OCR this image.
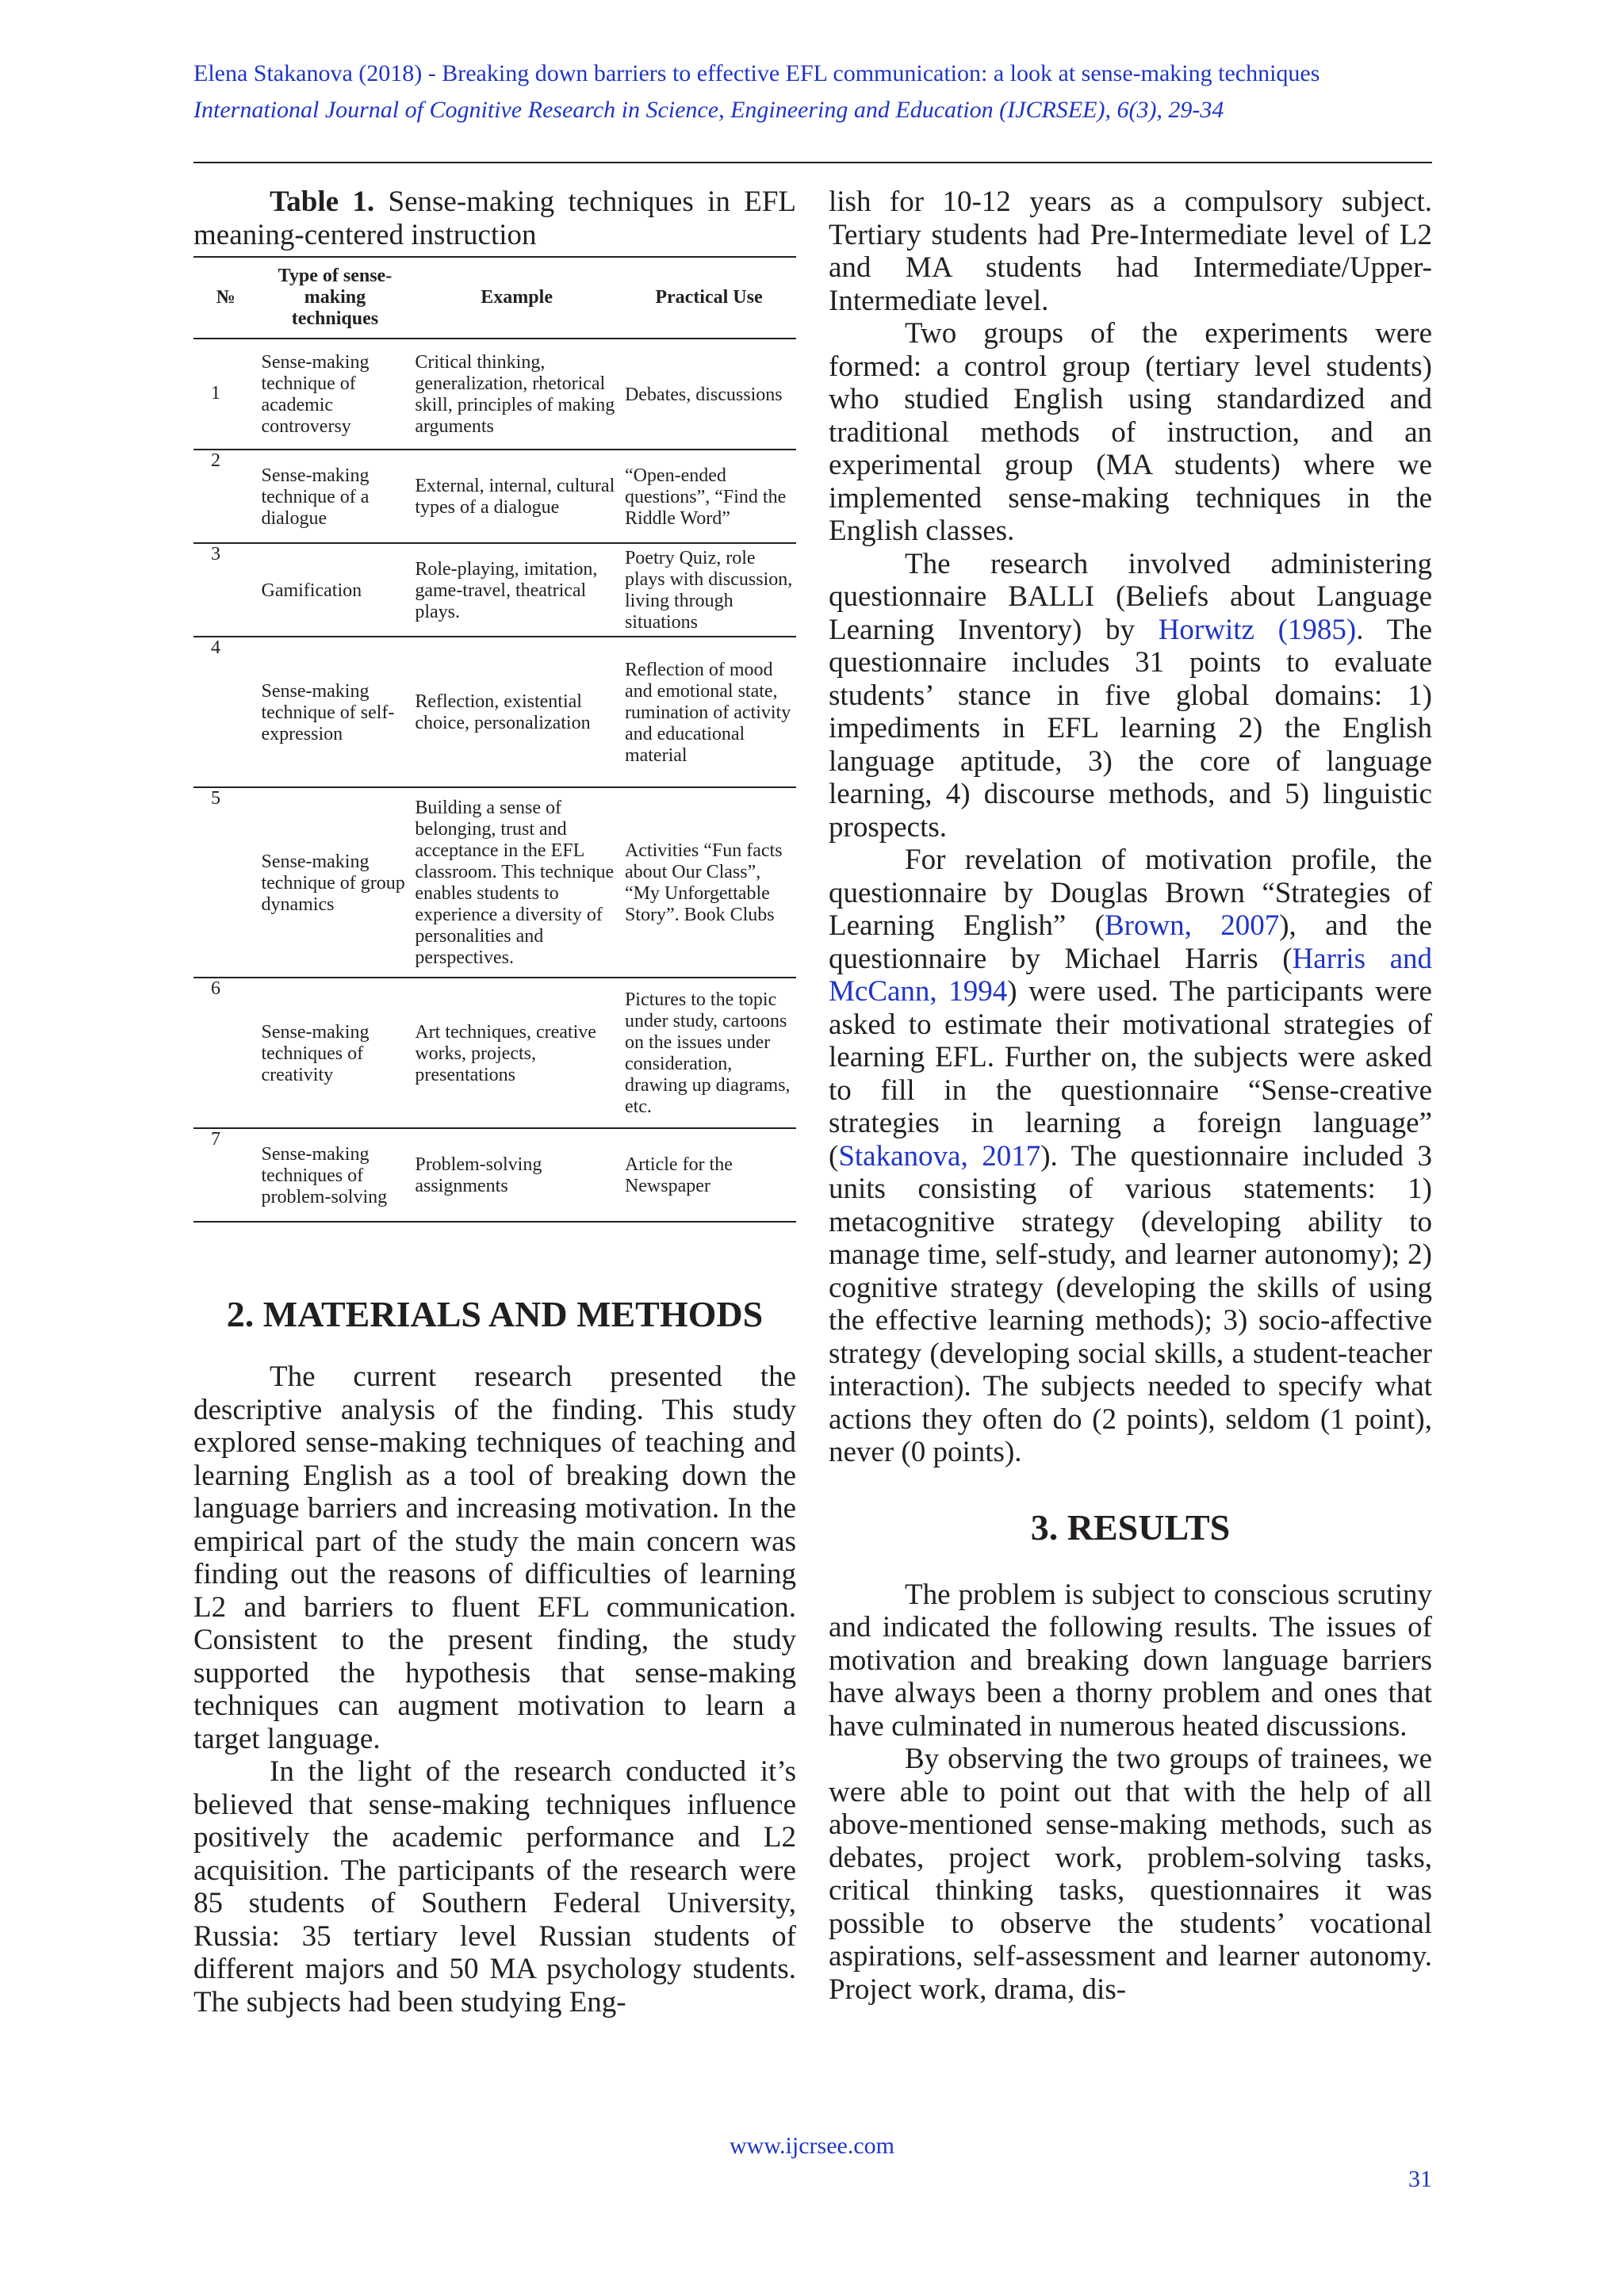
Elena Stakanova (2018) - Breaking down barriers to effective EFL communication: a look at sense-making techniques
International Journal of Cognitive Research in Science, Engineering and Education (IJCRSEE), 6(3), 29-34

Table 1. Sense-making techniques in EFL meaning-centered instruction

№	Type of sense-making techniques	Example	Practical Use
1	Sense-making technique of academic controversy	Critical thinking, generalization, rhetorical skill, principles of making arguments	Debates, discussions
2	Sense-making technique of a dialogue	External, internal, cultural types of a dialogue	“Open-ended questions”, “Find the Riddle Word”
3	Gamification	Role-playing, imitation, game-travel, theatrical plays.	Poetry Quiz, role plays with discussion, living through situations
4	Sense-making technique of self-expression	Reflection, existential choice, personalization	Reflection of mood and emotional state, rumination of activity and educational material
5	Sense-making technique of group dynamics	Building a sense of belonging, trust and acceptance in the EFL classroom. This technique enables students to experience a diversity of personalities and perspectives.	Activities “Fun facts about Our Class”, “My Unforgettable Story”. Book Clubs
6	Sense-making techniques of creativity	Art techniques, creative works, projects, presentations	Pictures to the topic under study, cartoons on the issues under consideration, drawing up diagrams, etc.
7	Sense-making techniques of problem-solving	Problem-solving assignments	Article for the Newspaper
2. MATERIALS AND METHODS

The current research presented the descriptive analysis of the finding. This study explored sense-making techniques of teaching and learning English as a tool of breaking down the language barriers and increasing motivation. In the empirical part of the study the main concern was finding out the reasons of difficulties of learning L2 and barriers to fluent EFL communication. Consistent to the present finding, the study supported the hypothesis that sense-making techniques can augment motivation to learn a target language.

In the light of the research conducted it’s believed that sense-making techniques influence positively the academic performance and L2 acquisition. The participants of the research were 85 students of Southern Federal University, Russia: 35 tertiary level Russian students of different majors and 50 MA psychology students. The subjects had been studying Eng-

lish for 10-12 years as a compulsory subject. Tertiary students had Pre-Intermediate level of L2 and MA students had Intermediate/Upper-Intermediate level.

Two groups of the experiments were formed: a control group (tertiary level students) who studied English using standardized and traditional methods of instruction, and an experimental group (MA students) where we implemented sense-making techniques in the English classes.

The research involved administering questionnaire BALLI (Beliefs about Language Learning Inventory) by Horwitz (1985). The questionnaire includes 31 points to evaluate students’ stance in five global domains: 1) impediments in EFL learning 2) the English language aptitude, 3) the core of language learning, 4) discourse methods, and 5) linguistic prospects.

For revelation of motivation profile, the questionnaire by Douglas Brown “Strategies of Learning English” (Brown, 2007), and the questionnaire by Michael Harris (Harris and McCann, 1994) were used. The participants were asked to estimate their motivational strategies of learning EFL. Further on, the subjects were asked to fill in the questionnaire “Sense-creative strategies in learning a foreign language” (Stakanova, 2017). The questionnaire included 3 units consisting of various statements: 1) metacognitive strategy (developing ability to manage time, self-study, and learner autonomy); 2) cognitive strategy (developing the skills of using the effective learning methods); 3) socio-affective strategy (developing social skills, a student-teacher interaction). The subjects needed to specify what actions they often do (2 points), seldom (1 point), never (0 points).

3. RESULTS

The problem is subject to conscious scrutiny and indicated the following results. The issues of motivation and breaking down language barriers have always been a thorny problem and ones that have culminated in numerous heated discussions.

By observing the two groups of trainees, we were able to point out that with the help of all above-mentioned sense-making methods, such as debates, project work, problem-solving tasks, critical thinking tasks, questionnaires it was possible to observe the students’ vocational aspirations, self-assessment and learner autonomy. Project work, drama, dis-

www.ijcrsee.com
31
